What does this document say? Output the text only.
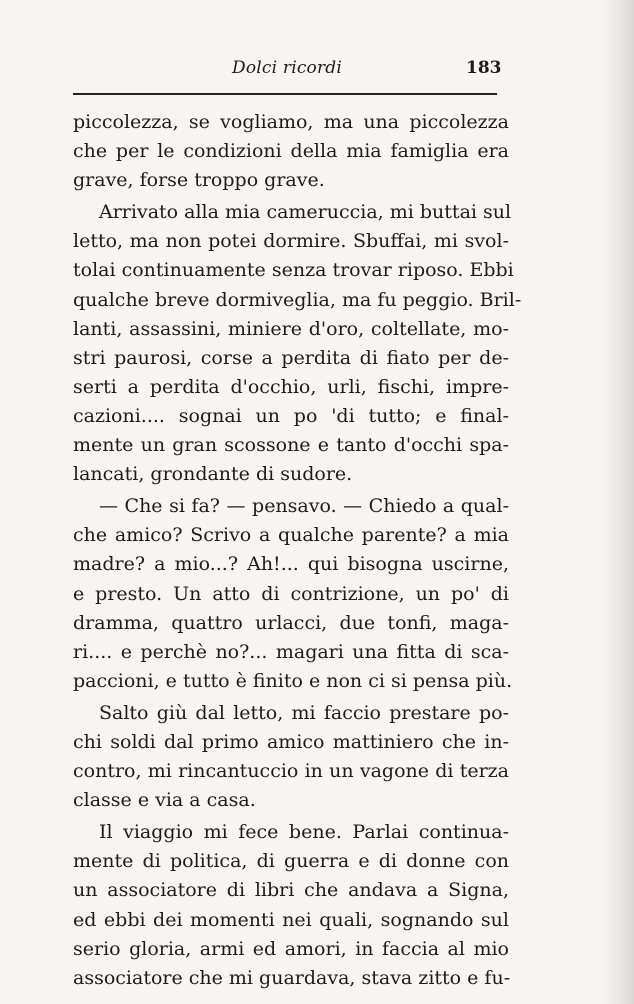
Dolci ricordi	183
piccolezza, se vogliamo, ma una piccolezza
che per le condizioni della mia famiglia era
grave, forse troppo grave.
Arrivato alla mia cameruccia, mi buttai sul
letto, ma non potei dormire. Sbuffai, mi svol-
tolai continuamente senza trovar riposo. Ebbi
qualche breve dormiveglia, ma fu peggio. Bril-
lanti, assassini, miniere d'oro, coltellate, mo-
stri paurosi, corse a perdita di fiato per de-
serti a perdita d'occhio, urli, fischi, impre-
cazioni.... sognai un po 'di tutto; e final-
mente un gran scossone e tanto d'occhi spa-
lancati, grondante di sudore.
— Che si fa? — pensavo. — Chiedo a qual-
che amico? Scrivo a qualche parente? a mia
madre? a mio...? Ah!... qui bisogna uscirne,
e presto. Un atto di contrizione, un po' di
dramma, quattro urlacci, due tonfi, maga-
ri.... e perchè no?... magari una fitta di sca-
paccioni, e tutto è finito e non ci si pensa più.
Salto giù dal letto, mi faccio prestare po-
chi soldi dal primo amico mattiniero che in-
contro, mi rincantuccio in un vagone di terza
classe e via a casa.
Il viaggio mi fece bene. Parlai continua-
mente di politica, di guerra e di donne con
un associatore di libri che andava a Signa,
ed ebbi dei momenti nei quali, sognando sul
serio gloria, armi ed amori, in faccia al mio
associatore che mi guardava, stava zitto e fu-
